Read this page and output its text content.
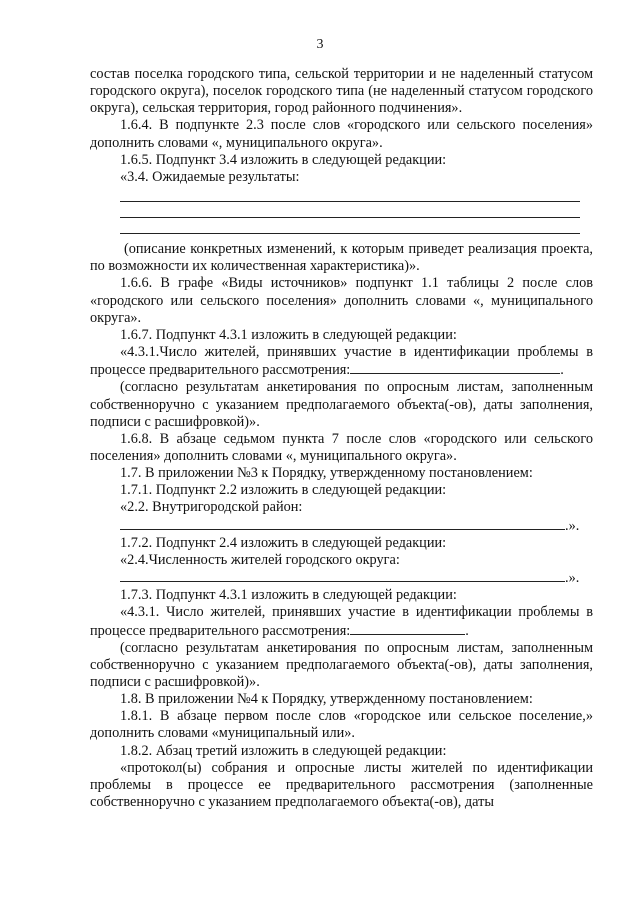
3

состав поселка городского типа, сельской территории и не наделенный статусом городского округа), поселок городского типа (не наделенный статусом городского округа), сельская территория, город районного подчинения».

1.6.4. В подпункте 2.3 после слов «городского или сельского поселения» дополнить словами «, муниципального округа».

1.6.5. Подпункт 3.4 изложить в следующей редакции:

«3.4. Ожидаемые результаты:

(описание конкретных изменений, к которым приведет реализация проекта, по возможности их количественная характеристика)».

1.6.6. В графе «Виды источников» подпункт 1.1 таблицы 2 после слов «городского или сельского поселения» дополнить словами «, муниципального округа».

1.6.7. Подпункт 4.3.1 изложить в следующей редакции:

«4.3.1.Число жителей, принявших участие в идентификации проблемы в процессе предварительного рассмотрения:	.

(согласно результатам анкетирования по опросным листам, заполненным собственноручно с указанием предполагаемого объекта(-ов), даты заполнения, подписи с расшифровкой)».

1.6.8. В абзаце седьмом пункта 7 после слов «городского или сельского поселения» дополнить словами «, муниципального округа».

1.7. В приложении №3 к Порядку, утвержденному постановлением:

1.7.1. Подпункт 2.2 изложить в следующей редакции:

«2.2. Внутригородской район:

.».

1.7.2. Подпункт 2.4 изложить в следующей редакции:

«2.4.Численность жителей городского округа:

.».

1.7.3. Подпункт 4.3.1 изложить в следующей редакции:

«4.3.1. Число жителей, принявших участие в идентификации проблемы в процессе предварительного рассмотрения:	.

(согласно результатам анкетирования по опросным листам, заполненным собственноручно с указанием предполагаемого объекта(-ов), даты заполнения, подписи с расшифровкой)».

1.8. В приложении №4 к Порядку, утвержденному постановлением:

1.8.1. В абзаце первом после слов «городское или сельское поселение,» дополнить словами «муниципальный или».

1.8.2. Абзац третий изложить в следующей редакции:

«протокол(ы) собрания и опросные листы жителей по идентификации проблемы в процессе ее предварительного рассмотрения (заполненные собственноручно с указанием предполагаемого объекта(-ов), даты
